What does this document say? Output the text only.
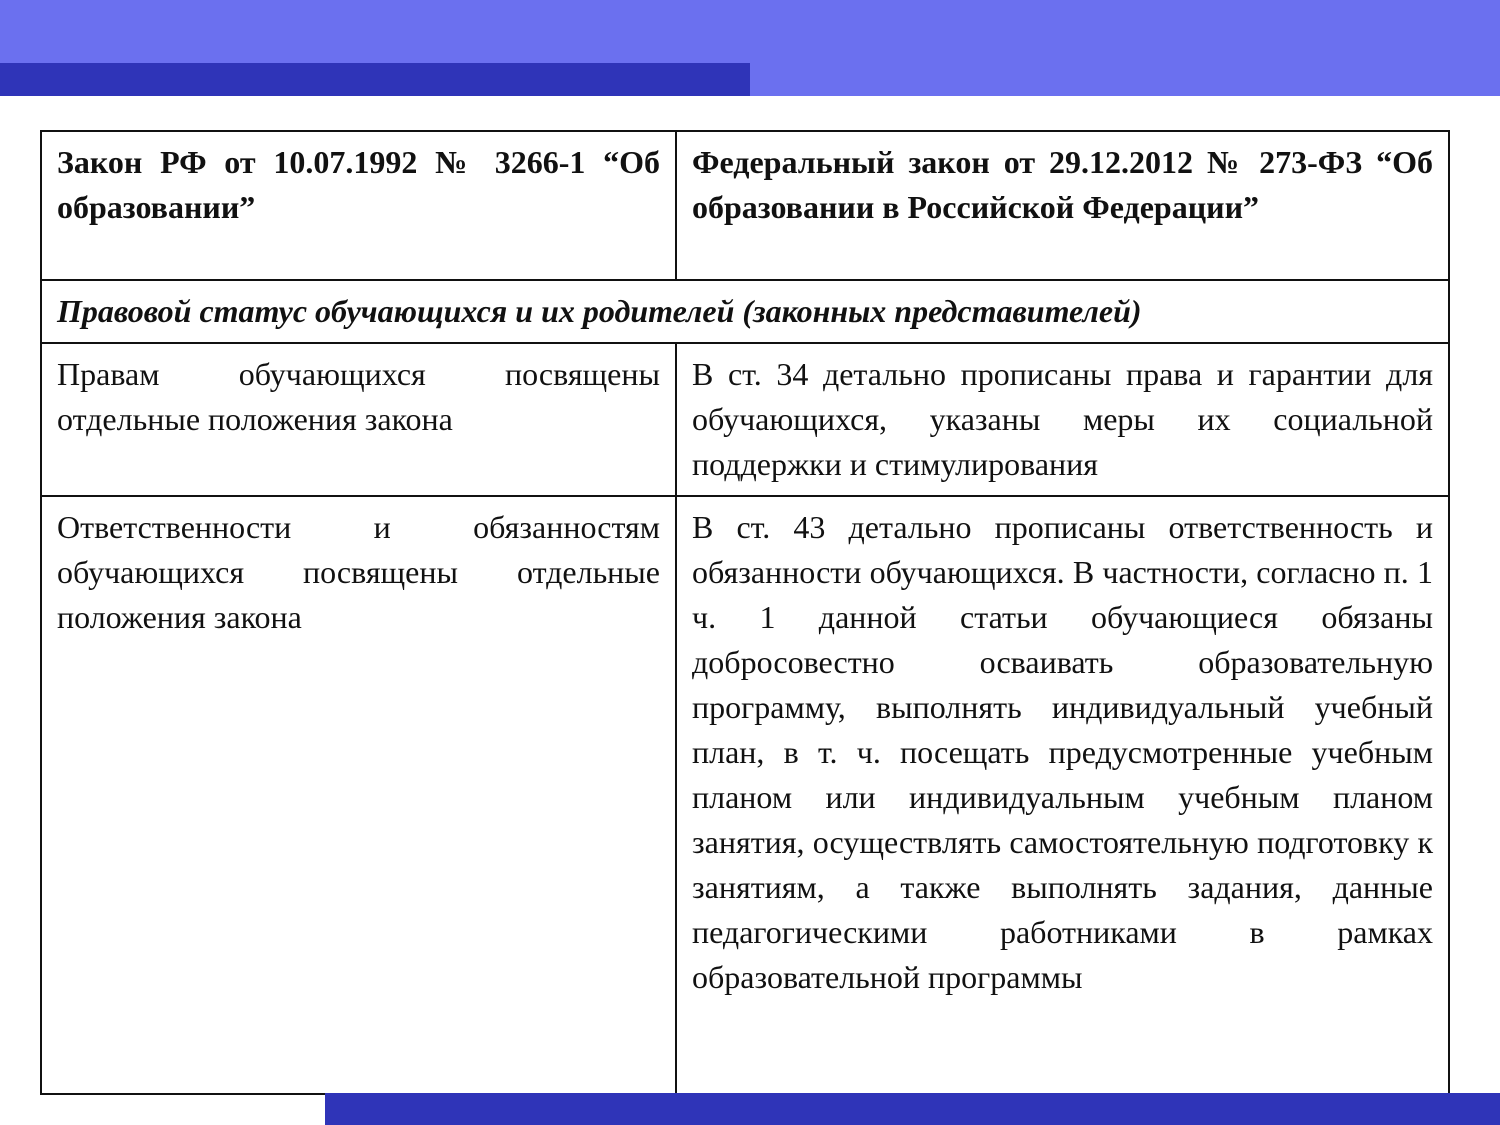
Закон РФ от 10.07.1992 № 3266-1 “Об образовании”	Федеральный закон от 29.12.2012 № 273-ФЗ “Об образовании в Российской Федерации”
Правовой статус обучающихся и их родителей (законных представителей)	
Правам обучающихся посвящены отдельные положения закона	В ст. 34 детально прописаны права и гарантии для обучающихся, указаны меры их социальной поддержки и стимулирования
Ответственности и обязанностям обучающихся посвящены отдельные положения закона	В ст. 43 детально прописаны ответственность и обязанности обучающихся. В частности, согласно п. 1 ч. 1 данной статьи обучающиеся обязаны добросовестно осваивать образовательную программу, выполнять индивидуальный учебный план, в т. ч. посещать предусмотренные учебным планом или индивидуальным учебным планом занятия, осуществлять самостоятельную подготовку к занятиям, а также выполнять задания, данные педагогическими работниками в рамках образовательной программы
